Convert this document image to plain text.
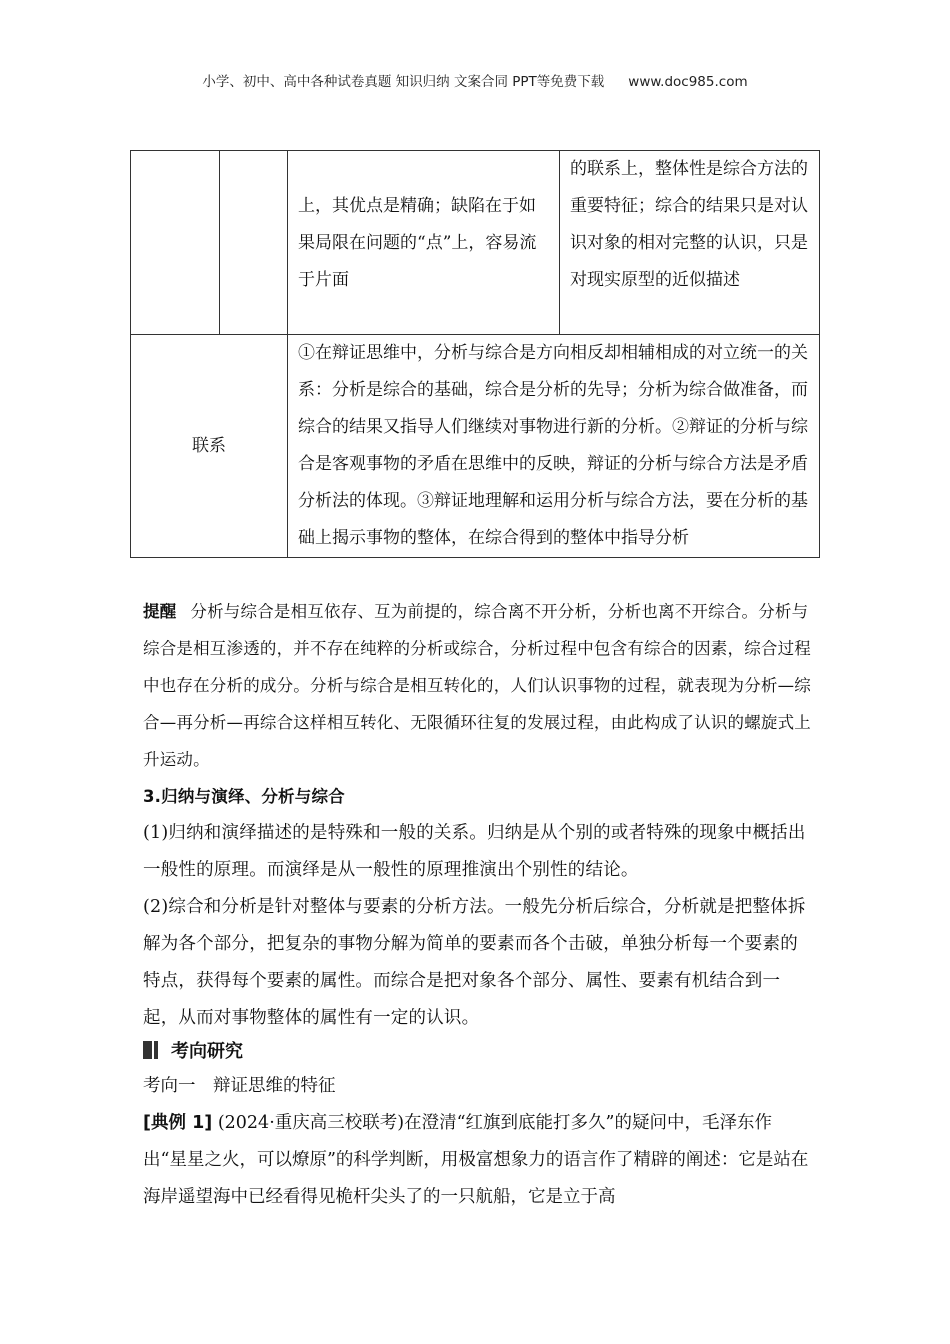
小学、初中、高中各种试卷真题 知识归纳 文案合同 PPT等免费下载 www.doc985.com
		上，其优点是精确；缺陷在于如果局限在问题的“点”上，容易流于片面	的联系上，整体性是综合方法的重要特征；综合的结果只是对认识对象的相对完整的认识，只是对现实原型的近似描述
联系		①在辩证思维中，分析与综合是方向相反却相辅相成的对立统一的关系：分析是综合的基础，综合是分析的先导；分析为综合做准备，而综合的结果又指导人们继续对事物进行新的分析。②辩证的分析与综合是客观事物的矛盾在思维中的反映，辩证的分析与综合方法是矛盾分析法的体现。③辩证地理解和运用分析与综合方法，要在分析的基础上揭示事物的整体，在综合得到的整体中指导分析	
提醒 分析与综合是相互依存、互为前提的，综合离不开分析，分析也离不开综合。分析与综合是相互渗透的，并不存在纯粹的分析或综合，分析过程中包含有综合的因素，综合过程中也存在分析的成分。分析与综合是相互转化的，人们认识事物的过程，就表现为分析—综合—再分析—再综合这样相互转化、无限循环往复的发展过程，由此构成了认识的螺旋式上升运动。
3.归纳与演绎、分析与综合
(1)归纳和演绎描述的是特殊和一般的关系。归纳是从个别的或者特殊的现象中概括出一般性的原理。而演绎是从一般性的原理推演出个别性的结论。
(2)综合和分析是针对整体与要素的分析方法。一般先分析后综合，分析就是把整体拆解为各个部分，把复杂的事物分解为简单的要素而各个击破，单独分析每一个要素的特点，获得每个要素的属性。而综合是把对象各个部分、属性、要素有机结合到一起，从而对事物整体的属性有一定的认识。
考向研究
考向一　辩证思维的特征
[典例 1] (2024·重庆高三校联考)在澄清“红旗到底能打多久”的疑问中，毛泽东作出“星星之火，可以燎原”的科学判断，用极富想象力的语言作了精辟的阐述：它是站在海岸遥望海中已经看得见桅杆尖头了的一只航船，它是立于高
